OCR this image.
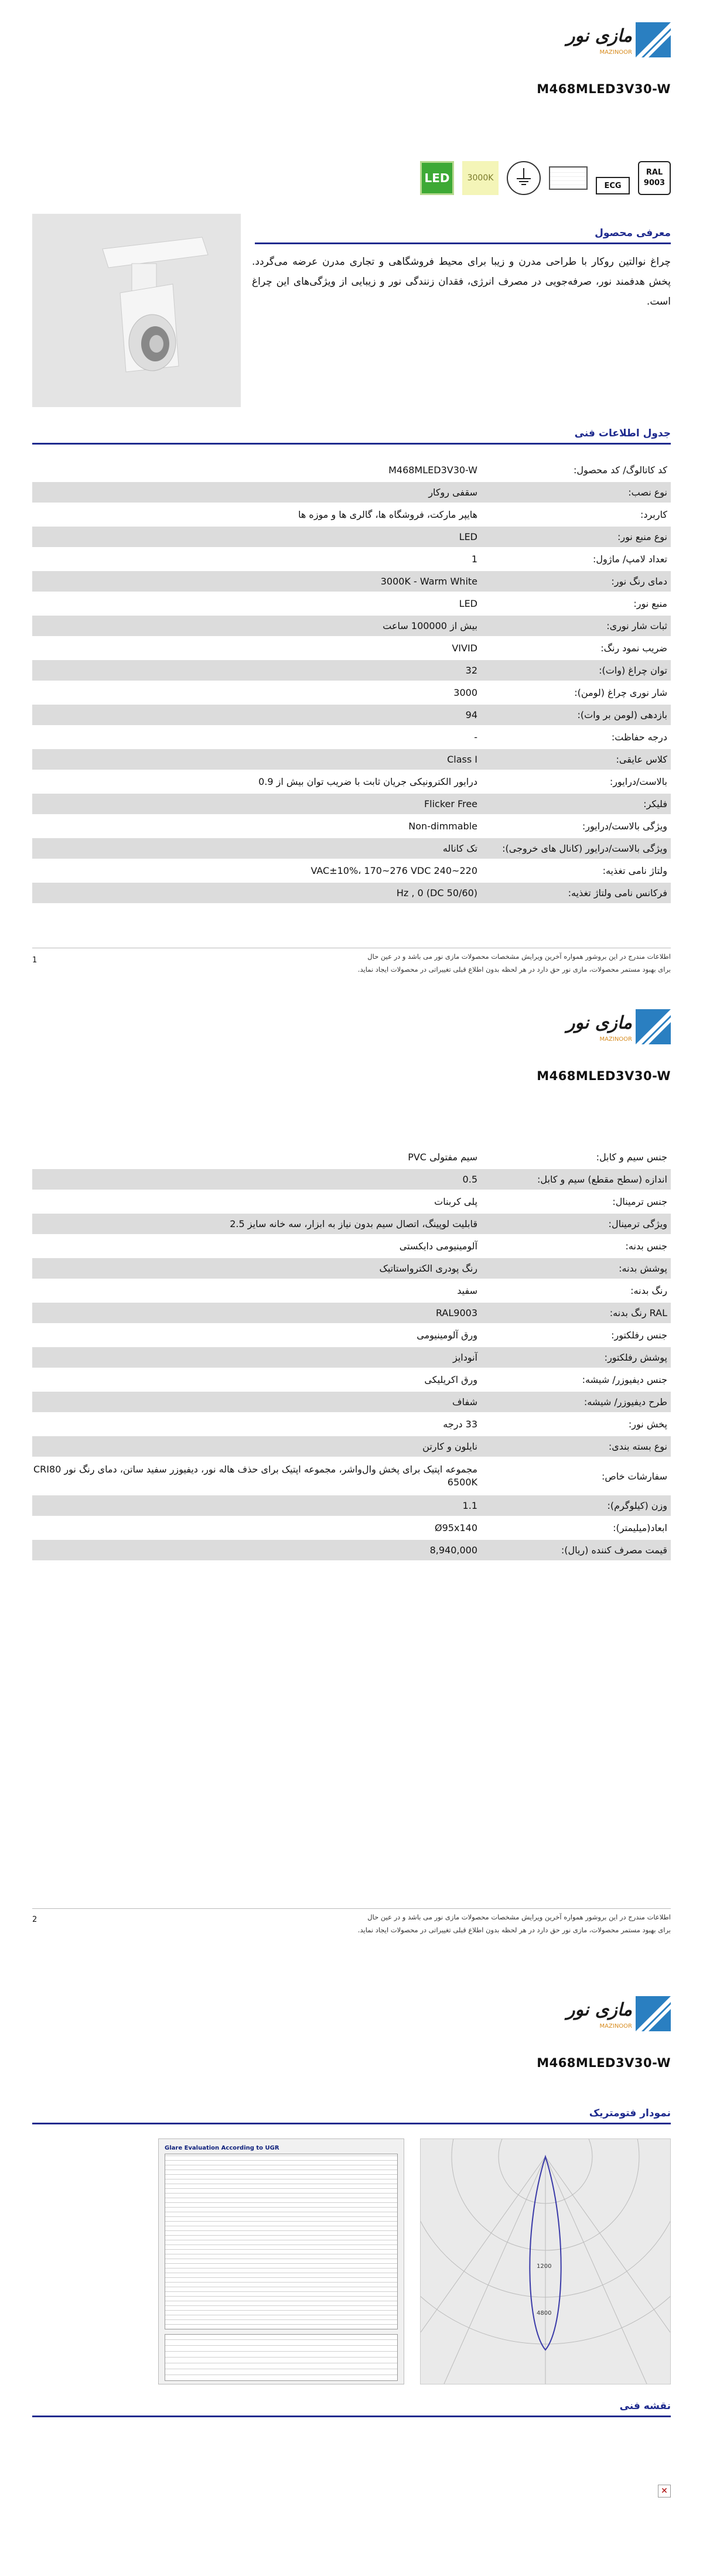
مازی نور
MAZINOOR
M468MLED3V30-W
RAL
9003
ECG
3000K
LED
معرفی محصول
چراغ نوالتین روکار با طراحی مدرن و زیبا برای محیط فروشگاهی و تجاری مدرن عرضه می‌گردد. پخش هدفمند نور، صرفه‌جویی در مصرف انرژی، فقدان زنندگی نور و زیبایی از ویژگی‌های این چراغ است.
جدول اطلاعات فنی
کد کاتالوگ/ کد محصول:
M468MLED3V30-W
نوع نصب:
سقفی روکار
کاربرد:
هایپر مارکت، فروشگاه ها، گالری ها و موزه ها
نوع منبع نور:
LED
تعداد لامپ/ ماژول:
1
دمای رنگ نور:
3000K - Warm White
منبع نور:
LED
ثبات شار نوری:
بیش از 100000 ساعت
ضریب نمود رنگ:
VIVID
توان چراغ (وات):
32
شار نوری چراغ (لومن):
3000
بازدهی (لومن بر وات):
94
درجه حفاظت:
-
کلاس عایقی:
Class I
بالاست/درایور:
درایور الکترونیکی جریان ثابت با ضریب توان بیش از 0.9
فلیکر:
Flicker Free
ویژگی بالاست/درایور:
Non-dimmable
ویژگی بالاست/درایور (کانال های خروجی):
تک کاناله
ولتاژ نامی تغذیه:
VAC±10%، 170~276 VDC 240~220
فرکانس نامی ولتاژ تغذیه:
(Hz , 0 (DC 50/60
اطلاعات مندرج در این بروشور همواره آخرین ویرایش مشخصات محصولات مازی نور می باشد و در عین حال
برای بهبود مستمر محصولات، مازی نور حق دارد در هر لحظه بدون اطلاع قبلی تغییراتی در محصولات ایجاد نماید.
1
مازی نور
MAZINOOR
M468MLED3V30-W
جنس سیم و کابل:
سیم مفتولی PVC
اندازه (سطح مقطع) سیم و کابل:
0.5
جنس ترمینال:
پلی کربنات
ویژگی ترمینال:
قابلیت لوپینگ، اتصال سیم بدون نیاز به ابزار، سه خانه سایز 2.5
جنس بدنه:
آلومینیومی دایکستی
پوشش بدنه:
رنگ پودری الکترواستاتیک
رنگ بدنه:
سفید
RAL رنگ بدنه:
RAL9003
جنس رفلکتور:
ورق آلومینیومی
پوشش رفلکتور:
آنودایز
جنس دیفیوزر/ شیشه:
ورق اکریلیکی
طرح دیفیوزر/ شیشه:
شفاف
پخش نور:
33 درجه
نوع بسته بندی:
نایلون و کارتن
سفارشات خاص:
مجموعه اپتیک برای پخش وال‌واشر، مجموعه اپتیک برای حذف هاله نور، دیفیوزر سفید ساتن، دمای رنگ نور CRI80 6500K
وزن (کیلوگرم):
1.1
ابعاد(میلیمتر):
Ø95x140
قیمت مصرف کننده (ریال):
8,940,000
اطلاعات مندرج در این بروشور همواره آخرین ویرایش مشخصات محصولات مازی نور می باشد و در عین حال
برای بهبود مستمر محصولات، مازی نور حق دارد در هر لحظه بدون اطلاع قبلی تغییراتی در محصولات ایجاد نماید.
2
مازی نور
MAZINOOR
M468MLED3V30-W
نمودار فتومتریک
نقشه فنی
1200
4800
Glare Evaluation According to UGR
✕
